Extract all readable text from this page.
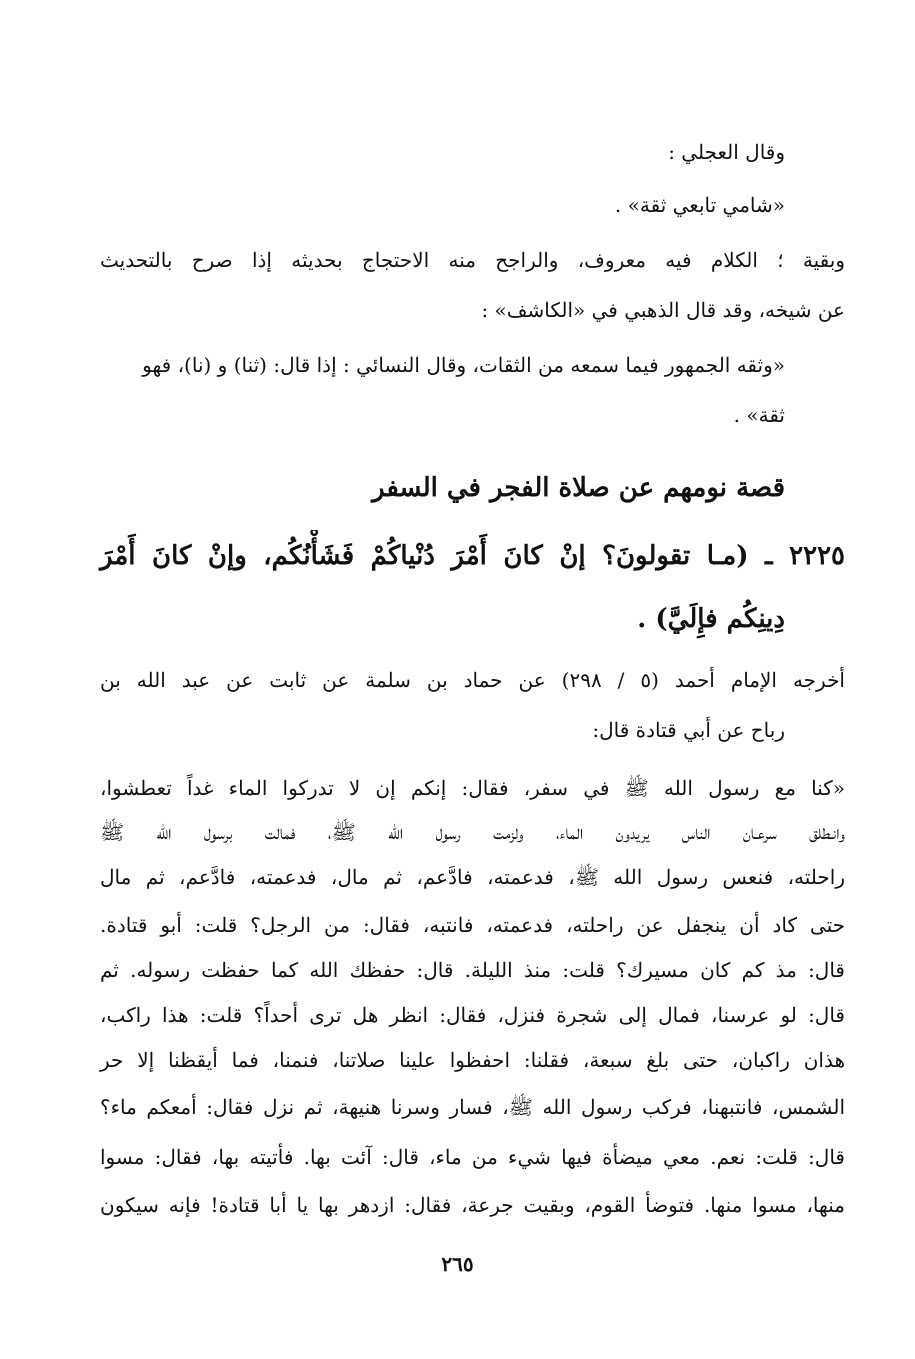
وقال العجلي :
«شامي تابعي ثقة» .
وبقية ؛ الكلام فيه معروف، والراجح منه الاحتجاج بحديثه إذا صرح بالتحديث
عن شيخه، وقد قال الذهبي في «الكاشف» :
«وثقه الجمهور فيما سمعه من الثقات، وقال النسائي : إذا قال: (ثنا) و (نا)، فهو
ثقة» .
قصة نومهم عن صلاة الفجر في السفر
٢٢٢٥ ـ (مـا تقولونَ؟ إنْ كانَ أَمْرَ دُنْياكُمْ فَشَأْنُكُم، وإنْ كانَ أَمْرَ
دِينِكُم فإِلَيَّ) .
أخرجه الإمام أحمد (٥ / ٢٩٨) عن حماد بن سلمة عن ثابت عن عبد الله بن
رباح عن أبي قتادة قال:
«كنا مع رسول الله ﷺ في سفر، فقال: إنكم إن لا تدركوا الماء غداً تعطشوا،
وانـطلق سرعـان الناس يريدون الماء، ولزمت رسول الله ﷺ، فمالت برسول الله ﷺ
راحلته، فنعس رسول الله ﷺ، فدعمته، فادَّعم، ثم مال، فدعمته، فادَّعم، ثم مال
حتى كاد أن ينجفل عن راحلته، فدعمته، فانتبه، فقال: من الرجل؟ قلت: أبو قتادة.
قال: مذ كم كان مسيرك؟ قلت: منذ الليلة. قال: حفظك الله كما حفظت رسوله. ثم
قال: لو عرسنا، فمال إلى شجرة فنزل، فقال: انظر هل ترى أحداً؟ قلت: هذا راكب،
هذان راكبان، حتى بلغ سبعة، فقلنا: احفظوا علينا صلاتنا، فنمنا، فما أيقظنا إلا حر
الشمس، فانتبهنا، فركب رسول الله ﷺ، فسار وسرنا هنيهة، ثم نزل فقال: أمعكم ماء؟
قال: قلت: نعم. معي ميضأة فيها شيء من ماء، قال: آئت بها. فأتيته بها، فقال: مسوا
منها، مسوا منها. فتوضأ القوم، وبقيت جرعة، فقال: ازدهر بها يا أبا قتادة! فإنه سيكون
٢٦٥
